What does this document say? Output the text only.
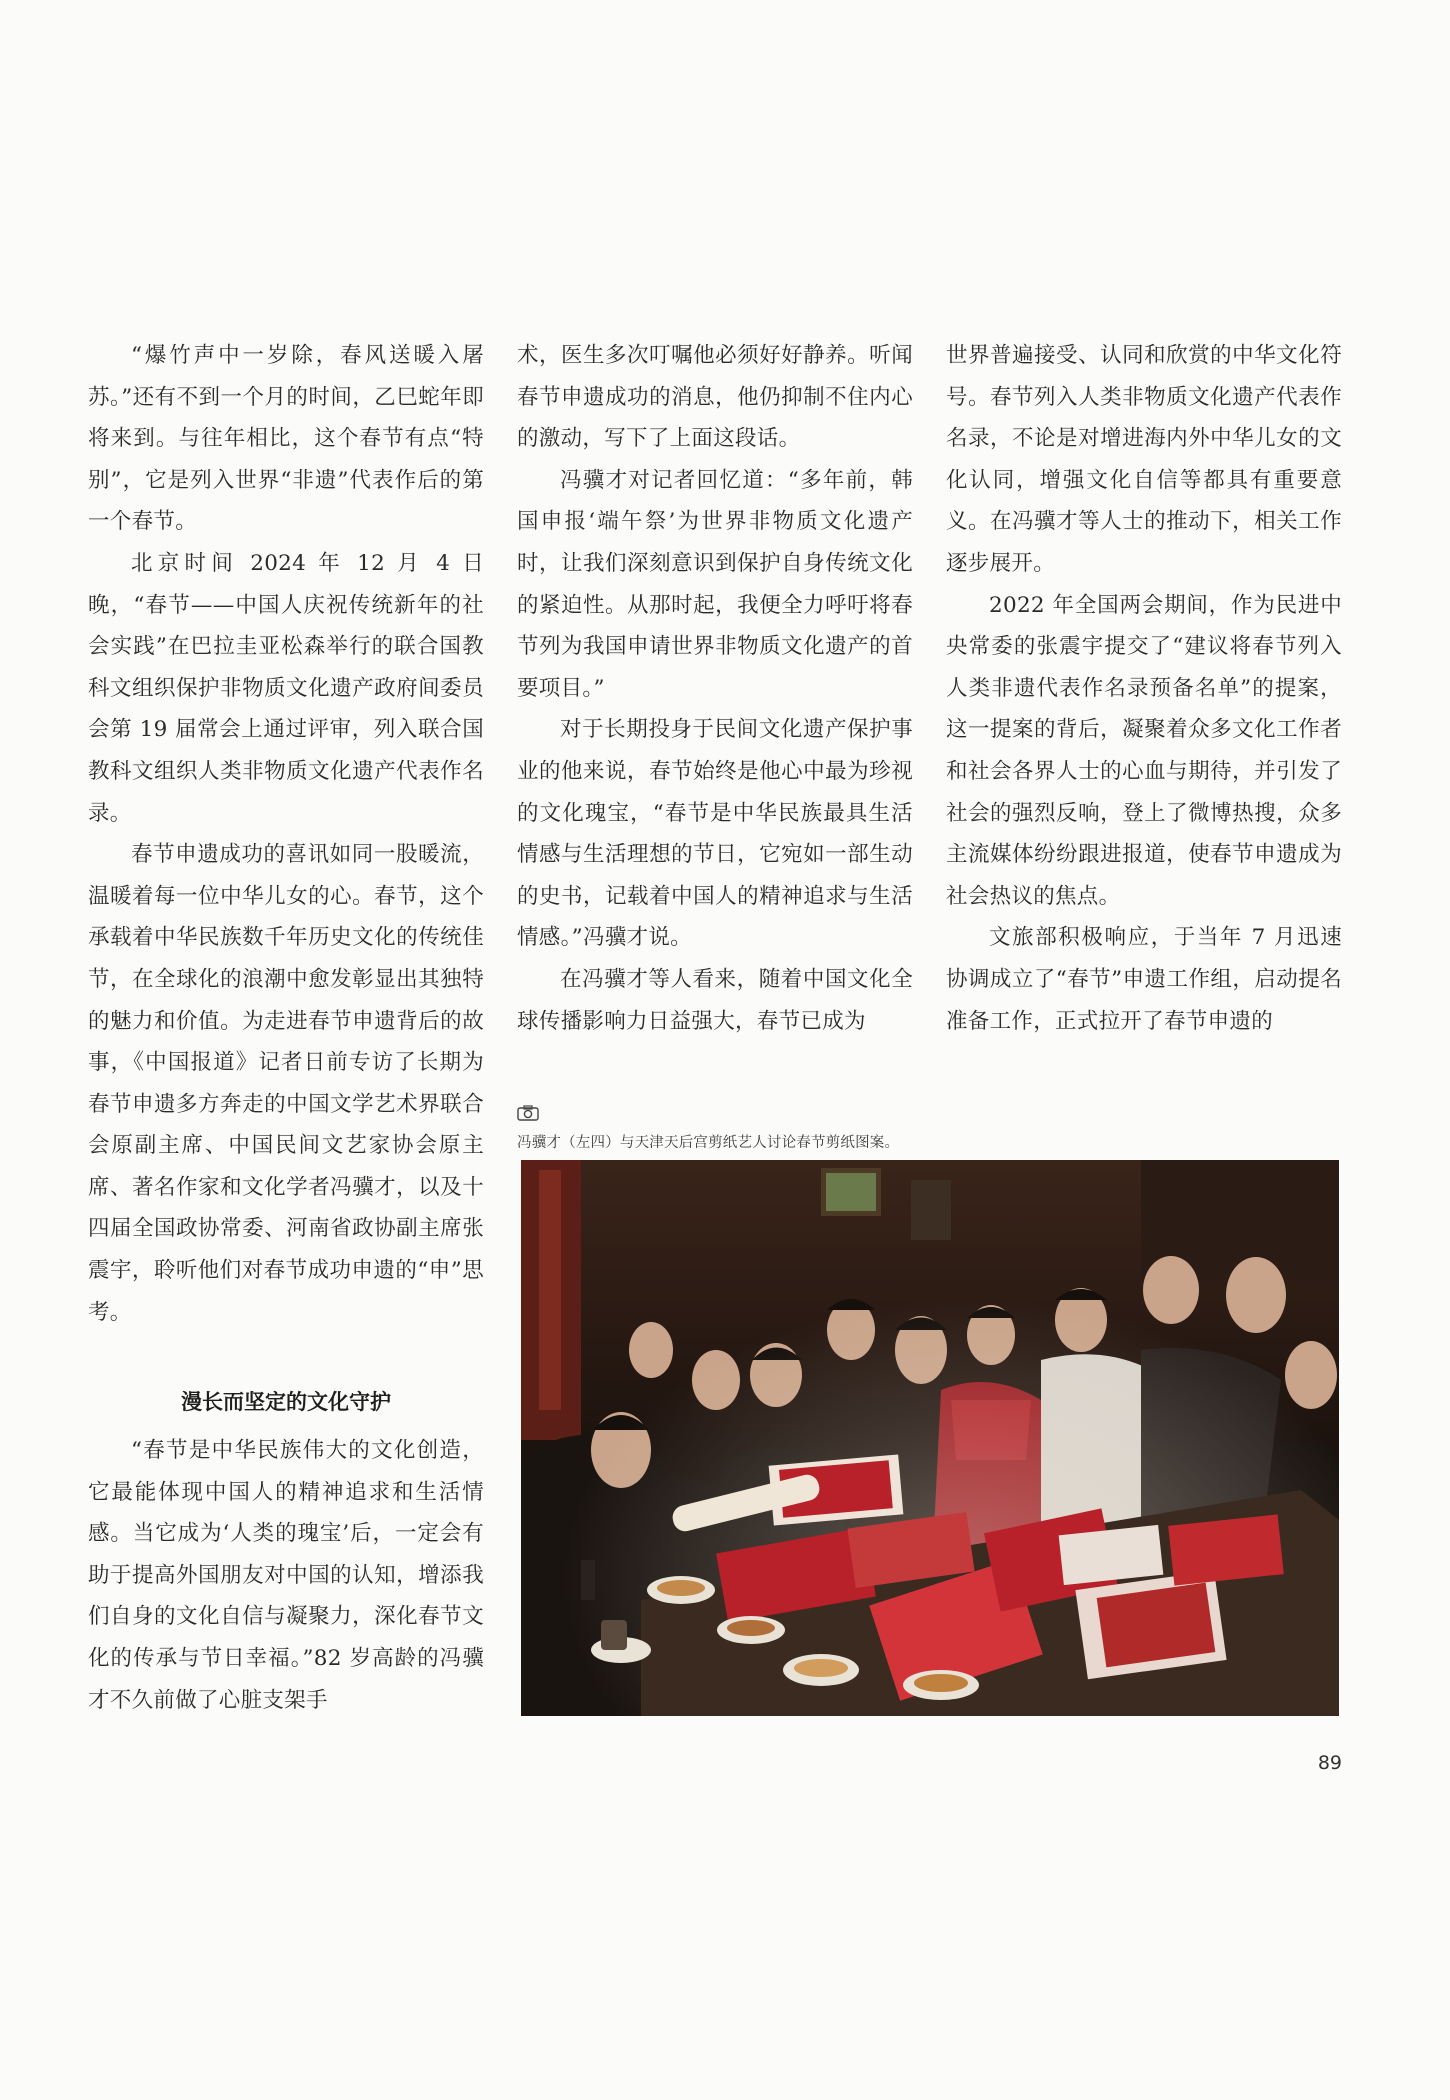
“爆竹声中一岁除，春风送暖入屠苏。”还有不到一个月的时间，乙巳蛇年即将来到。与往年相比，这个春节有点“特别”，它是列入世界“非遗”代表作后的第一个春节。

北京时间 2024 年 12 月 4 日晚，“春节——中国人庆祝传统新年的社会实践”在巴拉圭亚松森举行的联合国教科文组织保护非物质文化遗产政府间委员会第 19 届常会上通过评审，列入联合国教科文组织人类非物质文化遗产代表作名录。

春节申遗成功的喜讯如同一股暖流，温暖着每一位中华儿女的心。春节，这个承载着中华民族数千年历史文化的传统佳节，在全球化的浪潮中愈发彰显出其独特的魅力和价值。为走进春节申遗背后的故事，《中国报道》记者日前专访了长期为春节申遗多方奔走的中国文学艺术界联合会原副主席、中国民间文艺家协会原主席、著名作家和文化学者冯骥才，以及十四届全国政协常委、河南省政协副主席张震宇，聆听他们对春节成功申遗的“申”思考。

漫长而坚定的文化守护

“春节是中华民族伟大的文化创造，它最能体现中国人的精神追求和生活情感。当它成为‘人类的瑰宝’后，一定会有助于提高外国朋友对中国的认知，增添我们自身的文化自信与凝聚力，深化春节文化的传承与节日幸福。”82 岁高龄的冯骥才不久前做了心脏支架手

术，医生多次叮嘱他必须好好静养。听闻春节申遗成功的消息，他仍抑制不住内心的激动，写下了上面这段话。

冯骥才对记者回忆道：“多年前，韩国申报‘端午祭’为世界非物质文化遗产时，让我们深刻意识到保护自身传统文化的紧迫性。从那时起，我便全力呼吁将春节列为我国申请世界非物质文化遗产的首要项目。”

对于长期投身于民间文化遗产保护事业的他来说，春节始终是他心中最为珍视的文化瑰宝，“春节是中华民族最具生活情感与生活理想的节日，它宛如一部生动的史书，记载着中国人的精神追求与生活情感。”冯骥才说。

在冯骥才等人看来，随着中国文化全球传播影响力日益强大，春节已成为

世界普遍接受、认同和欣赏的中华文化符号。春节列入人类非物质文化遗产代表作名录，不论是对增进海内外中华儿女的文化认同，增强文化自信等都具有重要意义。在冯骥才等人士的推动下，相关工作逐步展开。

2022 年全国两会期间，作为民进中央常委的张震宇提交了“建议将春节列入人类非遗代表作名录预备名单”的提案，这一提案的背后，凝聚着众多文化工作者和社会各界人士的心血与期待，并引发了社会的强烈反响，登上了微博热搜，众多主流媒体纷纷跟进报道，使春节申遗成为社会热议的焦点。

文旅部积极响应，于当年 7 月迅速协调成立了“春节”申遗工作组，启动提名准备工作，正式拉开了春节申遗的

冯骥才（左四）与天津天后宫剪纸艺人讨论春节剪纸图案。
89
